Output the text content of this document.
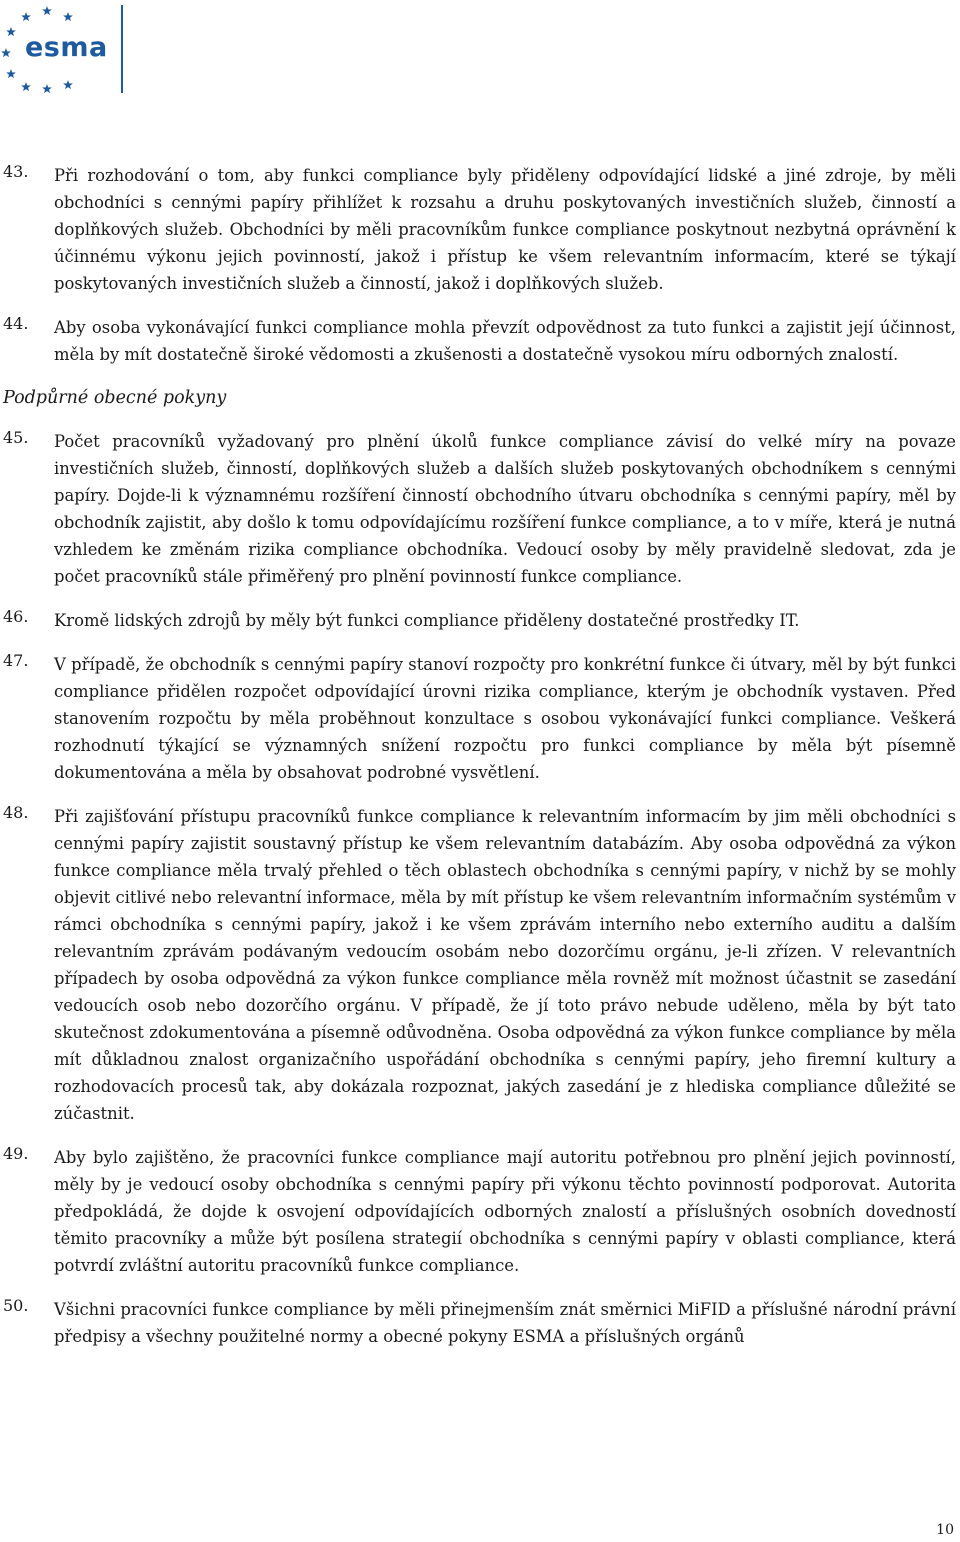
esma
43.	Při rozhodování o tom, aby funkci compliance byly přiděleny odpovídající lidské a jiné zdroje, by měli obchodníci s cennými papíry přihlížet k rozsahu a druhu poskytovaných investičních služeb, činností a doplňkových služeb. Obchodníci by měli pracovníkům funkce compliance poskytnout nezbytná oprávnění k účinnému výkonu jejich povinností, jakož i přístup ke všem relevantním informacím, které se týkají poskytovaných investičních služeb a činností, jakož i doplňkových služeb.
44.	Aby osoba vykonávající funkci compliance mohla převzít odpovědnost za tuto funkci a zajistit její účinnost, měla by mít dostatečně široké vědomosti a zkušenosti a dostatečně vysokou míru odborných znalostí.
Podpůrné obecné pokyny
45.	Počet pracovníků vyžadovaný pro plnění úkolů funkce compliance závisí do velké míry na povaze investičních služeb, činností, doplňkových služeb a dalších služeb poskytovaných obchodníkem s cennými papíry. Dojde-li k významnému rozšíření činností obchodního útvaru obchodníka s cennými papíry, měl by obchodník zajistit, aby došlo k tomu odpovídajícímu rozšíření funkce compliance, a to v míře, která je nutná vzhledem ke změnám rizika compliance obchodníka. Vedoucí osoby by měly pravidelně sledovat, zda je počet pracovníků stále přiměřený pro plnění povinností funkce compliance.
46.	Kromě lidských zdrojů by měly být funkci compliance přiděleny dostatečné prostředky IT.
47.	V případě, že obchodník s cennými papíry stanoví rozpočty pro konkrétní funkce či útvary, měl by být funkci compliance přidělen rozpočet odpovídající úrovni rizika compliance, kterým je obchodník vystaven. Před stanovením rozpočtu by měla proběhnout konzultace s osobou vykonávající funkci compliance. Veškerá rozhodnutí týkající se významných snížení rozpočtu pro funkci compliance by měla být písemně dokumentována a měla by obsahovat podrobné vysvětlení.
48.	Při zajišťování přístupu pracovníků funkce compliance k relevantním informacím by jim měli obchodníci s cennými papíry zajistit soustavný přístup ke všem relevantním databázím. Aby osoba odpovědná za výkon funkce compliance měla trvalý přehled o těch oblastech obchodníka s cennými papíry, v nichž by se mohly objevit citlivé nebo relevantní informace, měla by mít přístup ke všem relevantním informačním systémům v rámci obchodníka s cennými papíry, jakož i ke všem zprávám interního nebo externího auditu a dalším relevantním zprávám podávaným vedoucím osobám nebo dozorčímu orgánu, je-li zřízen. V relevantních případech by osoba odpovědná za výkon funkce compliance měla rovněž mít možnost účastnit se zasedání vedoucích osob nebo dozorčího orgánu. V případě, že jí toto právo nebude uděleno, měla by být tato skutečnost zdokumentována a písemně odůvodněna. Osoba odpovědná za výkon funkce compliance by měla mít důkladnou znalost organizačního uspořádání obchodníka s cennými papíry, jeho firemní kultury a rozhodovacích procesů tak, aby dokázala rozpoznat, jakých zasedání je z hlediska compliance důležité se zúčastnit.
49.	Aby bylo zajištěno, že pracovníci funkce compliance mají autoritu potřebnou pro plnění jejich povinností, měly by je vedoucí osoby obchodníka s cennými papíry při výkonu těchto povinností podporovat. Autorita předpokládá, že dojde k osvojení odpovídajících odborných znalostí a příslušných osobních dovedností těmito pracovníky a může být posílena strategií obchodníka s cennými papíry v oblasti compliance, která potvrdí zvláštní autoritu pracovníků funkce compliance.
50.	Všichni pracovníci funkce compliance by měli přinejmenším znát směrnici MiFID a příslušné národní právní předpisy a všechny použitelné normy a obecné pokyny ESMA a příslušných orgánů
10
